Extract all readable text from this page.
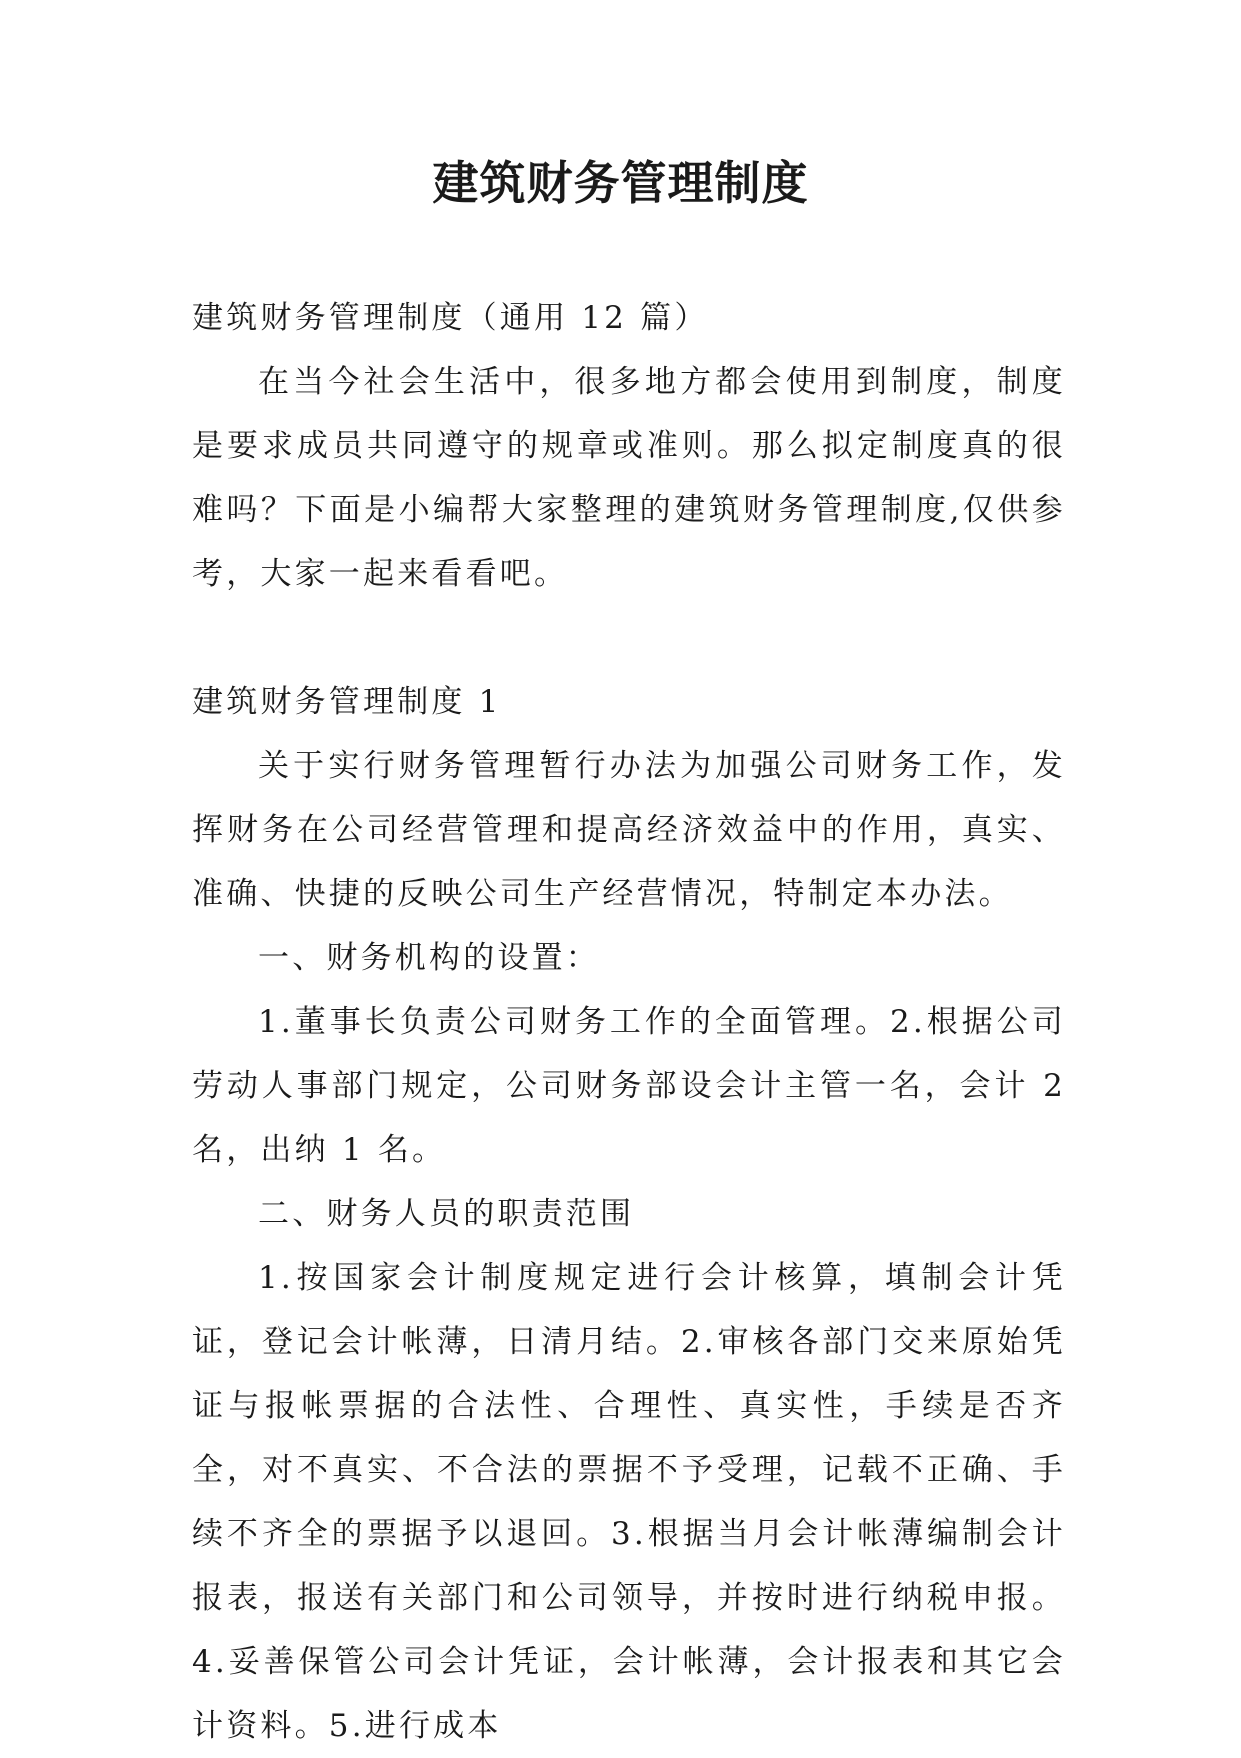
建筑财务管理制度

建筑财务管理制度（通用 12 篇）

在当今社会生活中，很多地方都会使用到制度，制度是要求成员共同遵守的规章或准则。那么拟定制度真的很难吗？下面是小编帮大家整理的建筑财务管理制度,仅供参考，大家一起来看看吧。

建筑财务管理制度 1

关于实行财务管理暂行办法为加强公司财务工作，发挥财务在公司经营管理和提高经济效益中的作用，真实、准确、快捷的反映公司生产经营情况，特制定本办法。

一、财务机构的设置：

1.董事长负责公司财务工作的全面管理。2.根据公司劳动人事部门规定，公司财务部设会计主管一名，会计 2 名，出纳 1 名。

二、财务人员的职责范围

1.按国家会计制度规定进行会计核算，填制会计凭证，登记会计帐薄，日清月结。2.审核各部门交来原始凭证与报帐票据的合法性、合理性、真实性，手续是否齐全，对不真实、不合法的票据不予受理，记载不正确、手续不齐全的票据予以退回。3.根据当月会计帐薄编制会计报表，报送有关部门和公司领导，并按时进行纳税申报。4.妥善保管公司会计凭证，会计帐薄，会计报表和其它会计资料。5.进行成本
